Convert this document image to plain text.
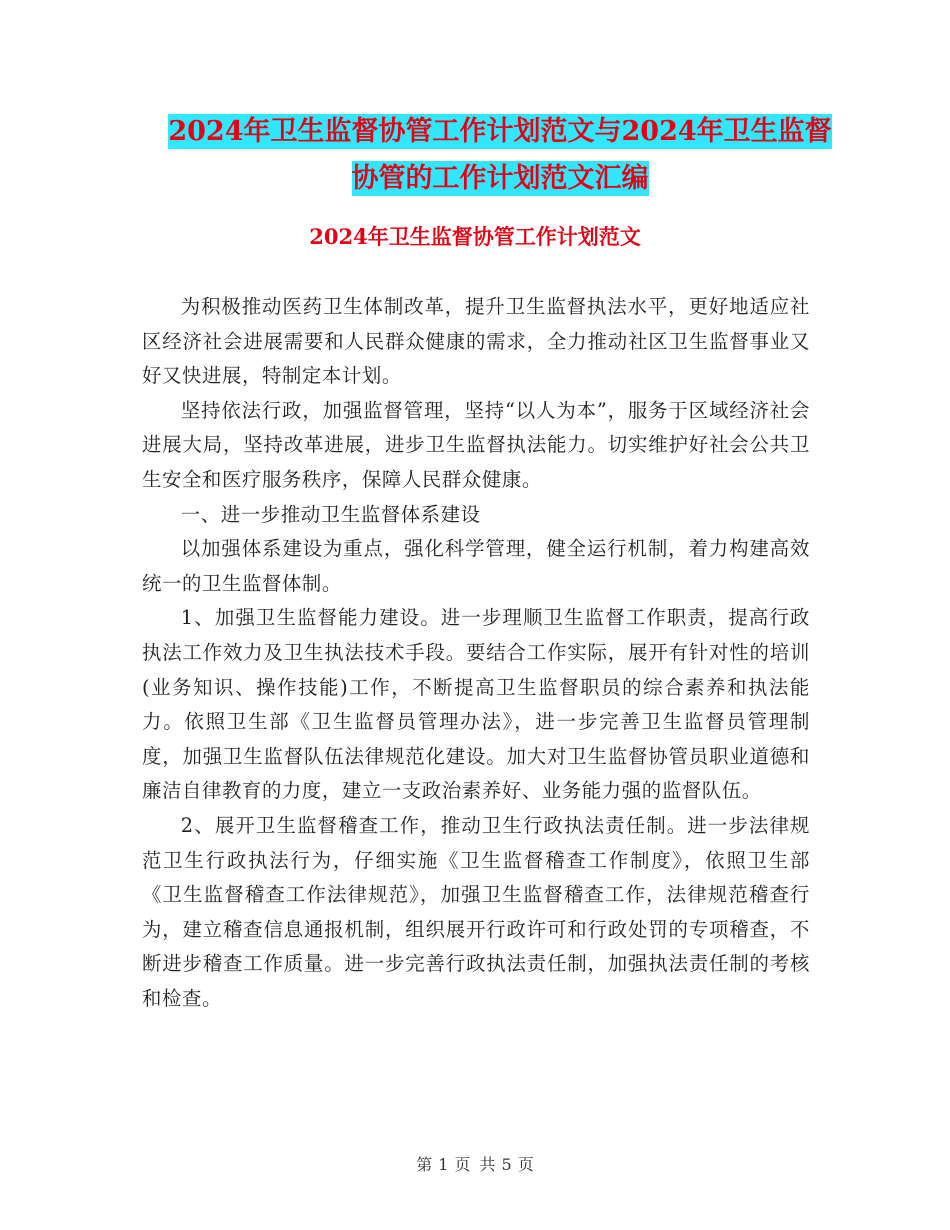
2024年卫生监督协管工作计划范文与2024年卫生监督
协管的工作计划范文汇编
2024年卫生监督协管工作计划范文

为积极推动医药卫生体制改革，提升卫生监督执法水平，更好地适应社区经济社会进展需要和人民群众健康的需求，全力推动社区卫生监督事业又好又快进展，特制定本计划。

坚持依法行政，加强监督管理，坚持“以人为本”，服务于区域经济社会进展大局，坚持改革进展，进步卫生监督执法能力。切实维护好社会公共卫生安全和医疗服务秩序，保障人民群众健康。

一、进一步推动卫生监督体系建设

以加强体系建设为重点，强化科学管理，健全运行机制，着力构建高效统一的卫生监督体制。

1、加强卫生监督能力建设。进一步理顺卫生监督工作职责，提高行政执法工作效力及卫生执法技术手段。要结合工作实际，展开有针对性的培训(业务知识、操作技能)工作，不断提高卫生监督职员的综合素养和执法能力。依照卫生部《卫生监督员管理办法》，进一步完善卫生监督员管理制度，加强卫生监督队伍法律规范化建设。加大对卫生监督协管员职业道德和廉洁自律教育的力度，建立一支政治素养好、业务能力强的监督队伍。

2、展开卫生监督稽查工作，推动卫生行政执法责任制。进一步法律规范卫生行政执法行为，仔细实施《卫生监督稽查工作制度》，依照卫生部《卫生监督稽查工作法律规范》，加强卫生监督稽查工作，法律规范稽查行为，建立稽查信息通报机制，组织展开行政许可和行政处罚的专项稽查，不断进步稽查工作质量。进一步完善行政执法责任制，加强执法责任制的考核和检查。

第 1 页 共 5 页
